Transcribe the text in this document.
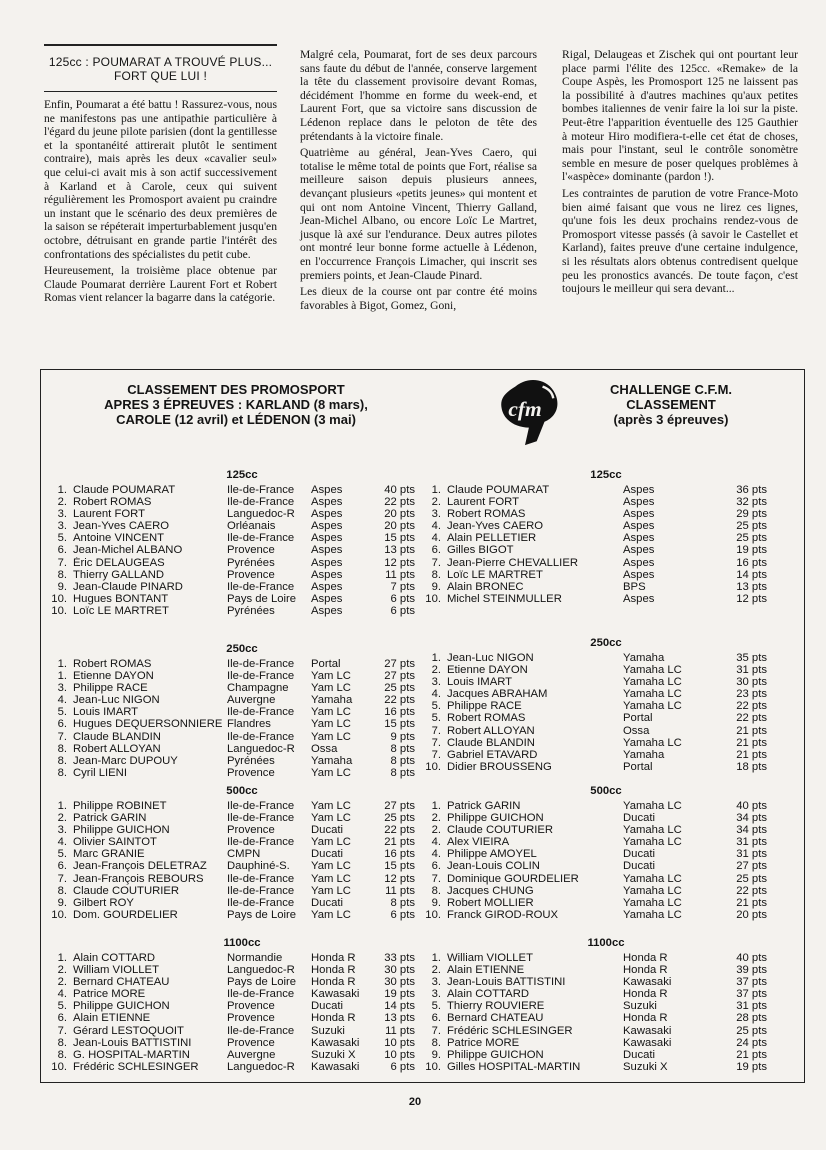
125cc : POUMARAT A TROUVÉ PLUS... FORT QUE LUI !

Enfin, Poumarat a été battu ! Rassurez-vous, nous ne manifestons pas une antipathie particulière à l'égard du jeune pilote parisien (dont la gentillesse et la spontanéité attirerait plutôt le sentiment contraire), mais après les deux «cavalier seul» que celui-ci avait mis à son actif successivement à Karland et à Carole, ceux qui suivent régulièrement les Promosport avaient pu craindre un instant que le scénario des deux premières de la saison se répéterait imperturbablement jusqu'en octobre, détruisant en grande partie l'intérêt des confrontations des spécialistes du petit cube.

Heureusement, la troisième place obtenue par Claude Poumarat derrière Laurent Fort et Robert Romas vient relancer la bagarre dans la catégorie.

Malgré cela, Poumarat, fort de ses deux parcours sans faute du début de l'année, conserve largement la tête du classement provisoire devant Romas, décidément l'homme en forme du week-end, et Laurent Fort, que sa victoire sans discussion de Lédenon replace dans le peloton de tête des prétendants à la victoire finale.

Quatrième au général, Jean-Yves Caero, qui totalise le même total de points que Fort, réalise sa meilleure saison depuis plusieurs annees, devançant plusieurs «petits jeunes» qui montent et qui ont nom Antoine Vincent, Thierry Galland, Jean-Michel Albano, ou encore Loïc Le Martret, jusque là axé sur l'endurance. Deux autres pilotes ont montré leur bonne forme actuelle à Lédenon, en l'occurrence François Limacher, qui inscrit ses premiers points, et Jean-Claude Pinard.

Les dieux de la course ont par contre été moins favorables à Bigot, Gomez, Goni,

Rigal, Delaugeas et Zischek qui ont pourtant leur place parmi l'élite des 125cc. «Remake» de la Coupe Aspès, les Promosport 125 ne laissent pas la possibilité à d'autres machines qu'aux petites bombes italiennes de venir faire la loi sur la piste. Peut-être l'apparition éventuelle des 125 Gauthier à moteur Hiro modifiera-t-elle cet état de choses, mais pour l'instant, seul le contrôle sonomètre semble en mesure de poser quelques problèmes à l'«aspèce» dominante (pardon !).

Les contraintes de parution de votre France-Moto bien aimé faisant que vous ne lirez ces lignes, qu'une fois les deux prochains rendez-vous de Promosport vitesse passés (à savoir le Castellet et Karland), faites preuve d'une certaine indulgence, si les résultats alors obtenus contredisent quelque peu les pronostics avancés. De toute façon, c'est toujours le meilleur qui sera devant...

CLASSEMENT DES PROMOSPORT
APRES 3 ÉPREUVES : KARLAND (8 mars),
CAROLE (12 avril) et LÉDENON (3 mai)	cfm
CHALLENGE C.F.M.
CLASSEMENT
(après 3 épreuves)
125cc
1. Claude POUMARAT	Ile-de-France	Aspes	40 pts
2. Robert ROMAS	Ile-de-France	Aspes	22 pts
3. Laurent FORT	Languedoc-R	Aspes	20 pts
3. Jean-Yves CAERO	Orléanais	Aspes	20 pts
5. Antoine VINCENT	Ile-de-France	Aspes	15 pts
6. Jean-Michel ALBANO	Provence	Aspes	13 pts
7. Éric DELAUGEAS	Pyrénées	Aspes	12 pts
8. Thierry GALLAND	Provence	Aspes	11 pts
9. Jean-Claude PINARD	Ile-de-France	Aspes	7 pts
10. Hugues BONTANT	Pays de Loire	Aspes	6 pts
10. Loïc LE MARTRET	Pyrénées	Aspes	6 pts
250cc
1. Robert ROMAS	Ile-de-France	Portal	27 pts
1. Etienne DAYON	Ile-de-France	Yam LC	27 pts
3. Philippe RACE	Champagne	Yam LC	25 pts
4. Jean-Luc NIGON	Auvergne	Yamaha	22 pts
5. Louis IMART	Ile-de-France	Yam LC	16 pts
6. Hugues DEQUERSONNIERE Flandres	Yam LC	15 pts
7. Claude BLANDIN	Ile-de-France	Yam LC	9 pts
8. Robert ALLOYAN	Languedoc-R	Ossa	8 pts
8. Jean-Marc DUPOUY	Pyrénées	Yamaha	8 pts
8. Cyril LIENI	Provence	Yam LC	8 pts
500cc
1. Philippe ROBINET	Ile-de-France	Yam LC	27 pts
2. Patrick GARIN	Ile-de-France	Yam LC	25 pts
3. Philippe GUICHON	Provence	Ducati	22 pts
4. Olivier SAINTOT	Ile-de-France	Yam LC	21 pts
5. Marc GRANIE	CMPN	Ducati	16 pts
6. Jean-François DELETRAZ	Dauphiné-S.	Yam LC	15 pts
7. Jean-François REBOURS	Ile-de-France	Yam LC	12 pts
8. Claude COUTURIER	Ile-de-France	Yam LC	11 pts
9. Gilbert ROY	Ile-de-France	Ducati	8 pts
10. Dom. GOURDELIER	Pays de Loire	Yam LC	6 pts
1100cc
1. Alain COTTARD	Normandie	Honda R	33 pts
2. William VIOLLET	Languedoc-R	Honda R	30 pts
2. Bernard CHATEAU	Pays de Loire	Honda R	30 pts
4. Patrice MORE	Ile-de-France	Kawasaki	19 pts
5. Philippe GUICHON	Provence	Ducati	14 pts
6. Alain ETIENNE	Provence	Honda R	13 pts
7. Gérard LESTOQUOIT	Ile-de-France	Suzuki	11 pts
8. Jean-Louis BATTISTINI	Provence	Kawasaki	10 pts
8. G. HOSPITAL-MARTIN	Auvergne	Suzuki X	10 pts
10. Frédéric SCHLESINGER	Languedoc-R	Kawasaki	6 pts
125cc
1. Claude POUMARAT	Aspes	36 pts
2. Laurent FORT	Aspes	32 pts
3. Robert ROMAS	Aspes	29 pts
4. Jean-Yves CAERO	Aspes	25 pts
4. Alain PELLETIER	Aspes	25 pts
6. Gilles BIGOT	Aspes	19 pts
7. Jean-Pierre CHEVALLIER	Aspes	16 pts
8. Loïc LE MARTRET	Aspes	14 pts
9. Alain BRONEC	BPS	13 pts
10. Michel STEINMULLER	Aspes	12 pts
250cc
1. Jean-Luc NIGON	Yamaha	35 pts
2. Etienne DAYON	Yamaha LC	31 pts
3. Louis IMART	Yamaha LC	30 pts
4. Jacques ABRAHAM	Yamaha LC	23 pts
5. Philippe RACE	Yamaha LC	22 pts
5. Robert ROMAS	Portal	22 pts
7. Robert ALLOYAN	Ossa	21 pts
7. Claude BLANDIN	Yamaha LC	21 pts
7. Gabriel ETAVARD	Yamaha	21 pts
10. Didier BROUSSENG	Portal	18 pts
500cc
1. Patrick GARIN	Yamaha LC	40 pts
2. Philippe GUICHON	Ducati	34 pts
2. Claude COUTURIER	Yamaha LC	34 pts
4. Alex VIEIRA	Yamaha LC	31 pts
4. Philippe AMOYEL	Ducati	31 pts
6. Jean-Louis COLIN	Ducati	27 pts
7. Dominique GOURDELIER	Yamaha LC	25 pts
8. Jacques CHUNG	Yamaha LC	22 pts
9. Robert MOLLIER	Yamaha LC	21 pts
10. Franck GIROD-ROUX	Yamaha LC	20 pts
1100cc
1. William VIOLLET	Honda R	40 pts
2. Alain ETIENNE	Honda R	39 pts
3. Jean-Louis BATTISTINI	Kawasaki	37 pts
3. Alain COTTARD	Honda R	37 pts
5. Thierry ROUVIERE	Suzuki	31 pts
6. Bernard CHATEAU	Honda R	28 pts
7. Frédéric SCHLESINGER	Kawasaki	25 pts
8. Patrice MORE	Kawasaki	24 pts
9. Philippe GUICHON	Ducati	21 pts
10. Gilles HOSPITAL-MARTIN	Suzuki X	19 pts
20
